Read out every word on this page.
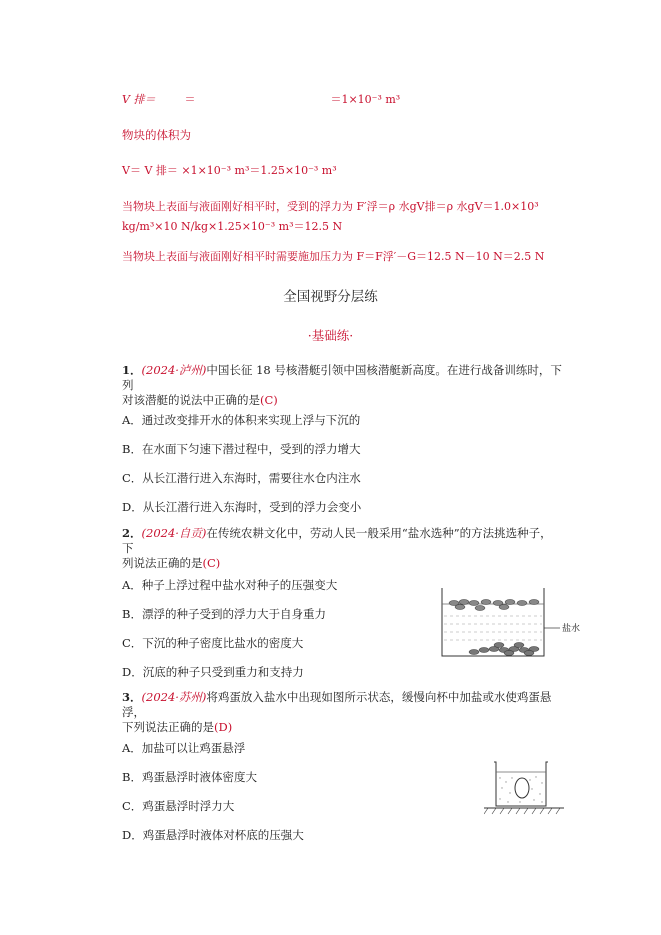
V 排＝	＝	＝1×10⁻³ m³
物块的体积为
V＝ V 排＝ ×1×10⁻³ m³＝1.25×10⁻³ m³
当物块上表面与液面刚好相平时，受到的浮力为 F′浮＝ρ 水gV排＝ρ 水gV＝1.0×10³
kg/m³×10 N/kg×1.25×10⁻³ m³＝12.5 N
当物块上表面与液面刚好相平时需要施加压力为 F＝F浮′－G＝12.5 N－10 N＝2.5 N
全国视野分层练
·基础练·
1．(2024·泸州)中国长征 18 号核潜艇引领中国核潜艇新高度。在进行战备训练时，下列
对该潜艇的说法中正确的是(C)
A．通过改变排开水的体积来实现上浮与下沉的
B．在水面下匀速下潜过程中，受到的浮力增大
C．从长江潜行进入东海时，需要往水仓内注水
D．从长江潜行进入东海时，受到的浮力会变小
2．(2024·自贡)在传统农耕文化中，劳动人民一般采用“盐水选种”的方法挑选种子，下
列说法正确的是(C)
A．种子上浮过程中盐水对种子的压强变大
B．漂浮的种子受到的浮力大于自身重力
C．下沉的种子密度比盐水的密度大
D．沉底的种子只受到重力和支持力
盐水
3．(2024·苏州)将鸡蛋放入盐水中出现如图所示状态，缓慢向杯中加盐或水使鸡蛋悬浮，
下列说法正确的是(D)
A．加盐可以让鸡蛋悬浮
B．鸡蛋悬浮时液体密度大
C．鸡蛋悬浮时浮力大
D．鸡蛋悬浮时液体对杯底的压强大
